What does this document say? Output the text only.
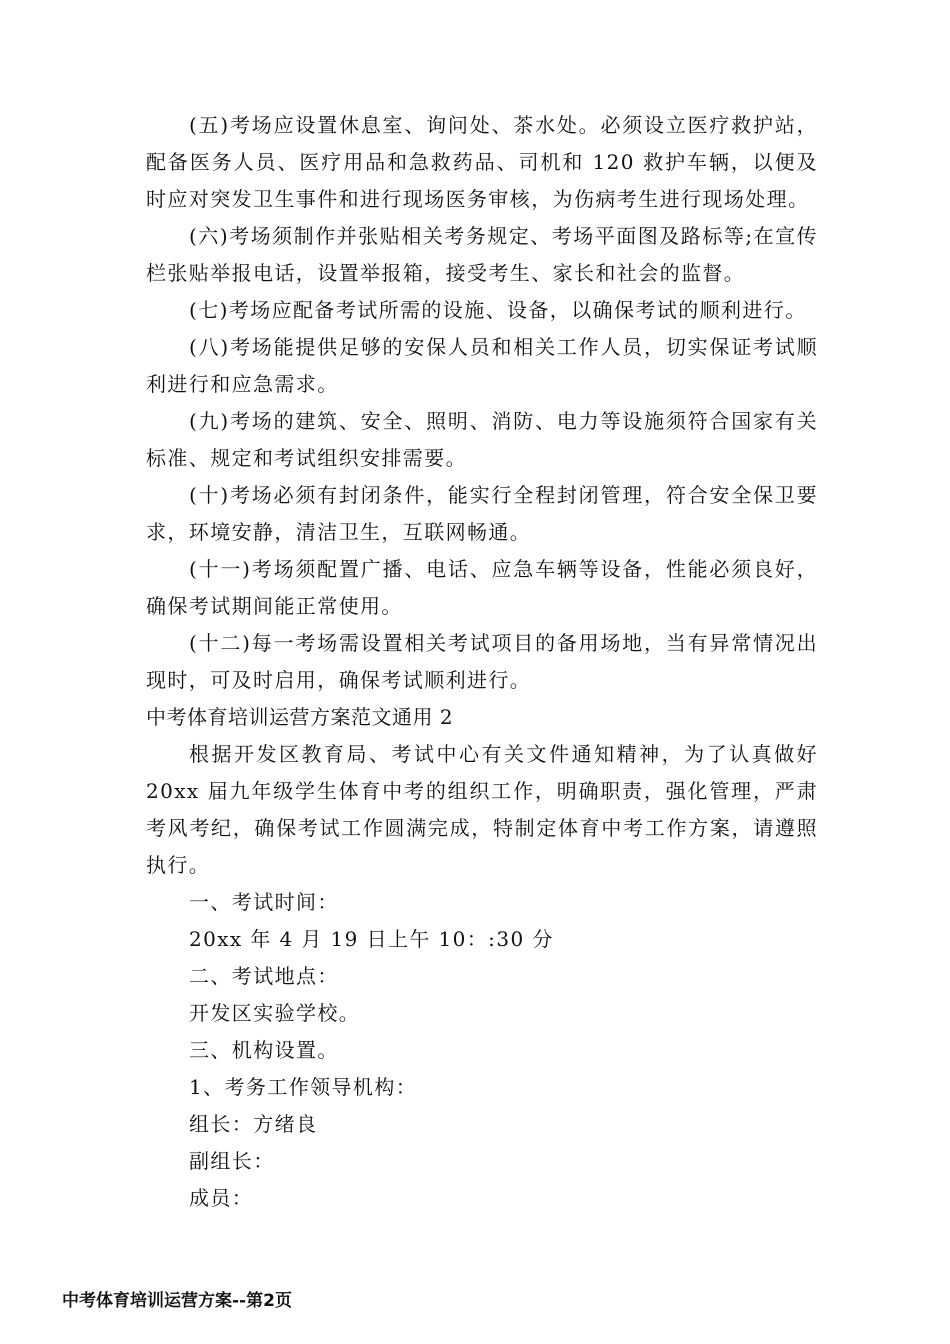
(五)考场应设置休息室、询问处、茶水处。必须设立医疗救护站，配备医务人员、医疗用品和急救药品、司机和 120 救护车辆，以便及时应对突发卫生事件和进行现场医务审核，为伤病考生进行现场处理。

(六)考场须制作并张贴相关考务规定、考场平面图及路标等;在宣传栏张贴举报电话，设置举报箱，接受考生、家长和社会的监督。

(七)考场应配备考试所需的设施、设备，以确保考试的顺利进行。

(八)考场能提供足够的安保人员和相关工作人员，切实保证考试顺利进行和应急需求。

(九)考场的建筑、安全、照明、消防、电力等设施须符合国家有关标准、规定和考试组织安排需要。

(十)考场必须有封闭条件，能实行全程封闭管理，符合安全保卫要求，环境安静，清洁卫生，互联网畅通。

(十一)考场须配置广播、电话、应急车辆等设备，性能必须良好，确保考试期间能正常使用。

(十二)每一考场需设置相关考试项目的备用场地，当有异常情况出现时，可及时启用，确保考试顺利进行。

中考体育培训运营方案范文通用 2

根据开发区教育局、考试中心有关文件通知精神，为了认真做好 20xx 届九年级学生体育中考的组织工作，明确职责，强化管理，严肃考风考纪，确保考试工作圆满完成，特制定体育中考工作方案，请遵照执行。

一、考试时间：

20xx 年 4 月 19 日上午 10：:30 分

二、考试地点：

开发区实验学校。

三、机构设置。

1、考务工作领导机构：

组长：方绪良

副组长：

成员：

中考体育培训运营方案--第2页
